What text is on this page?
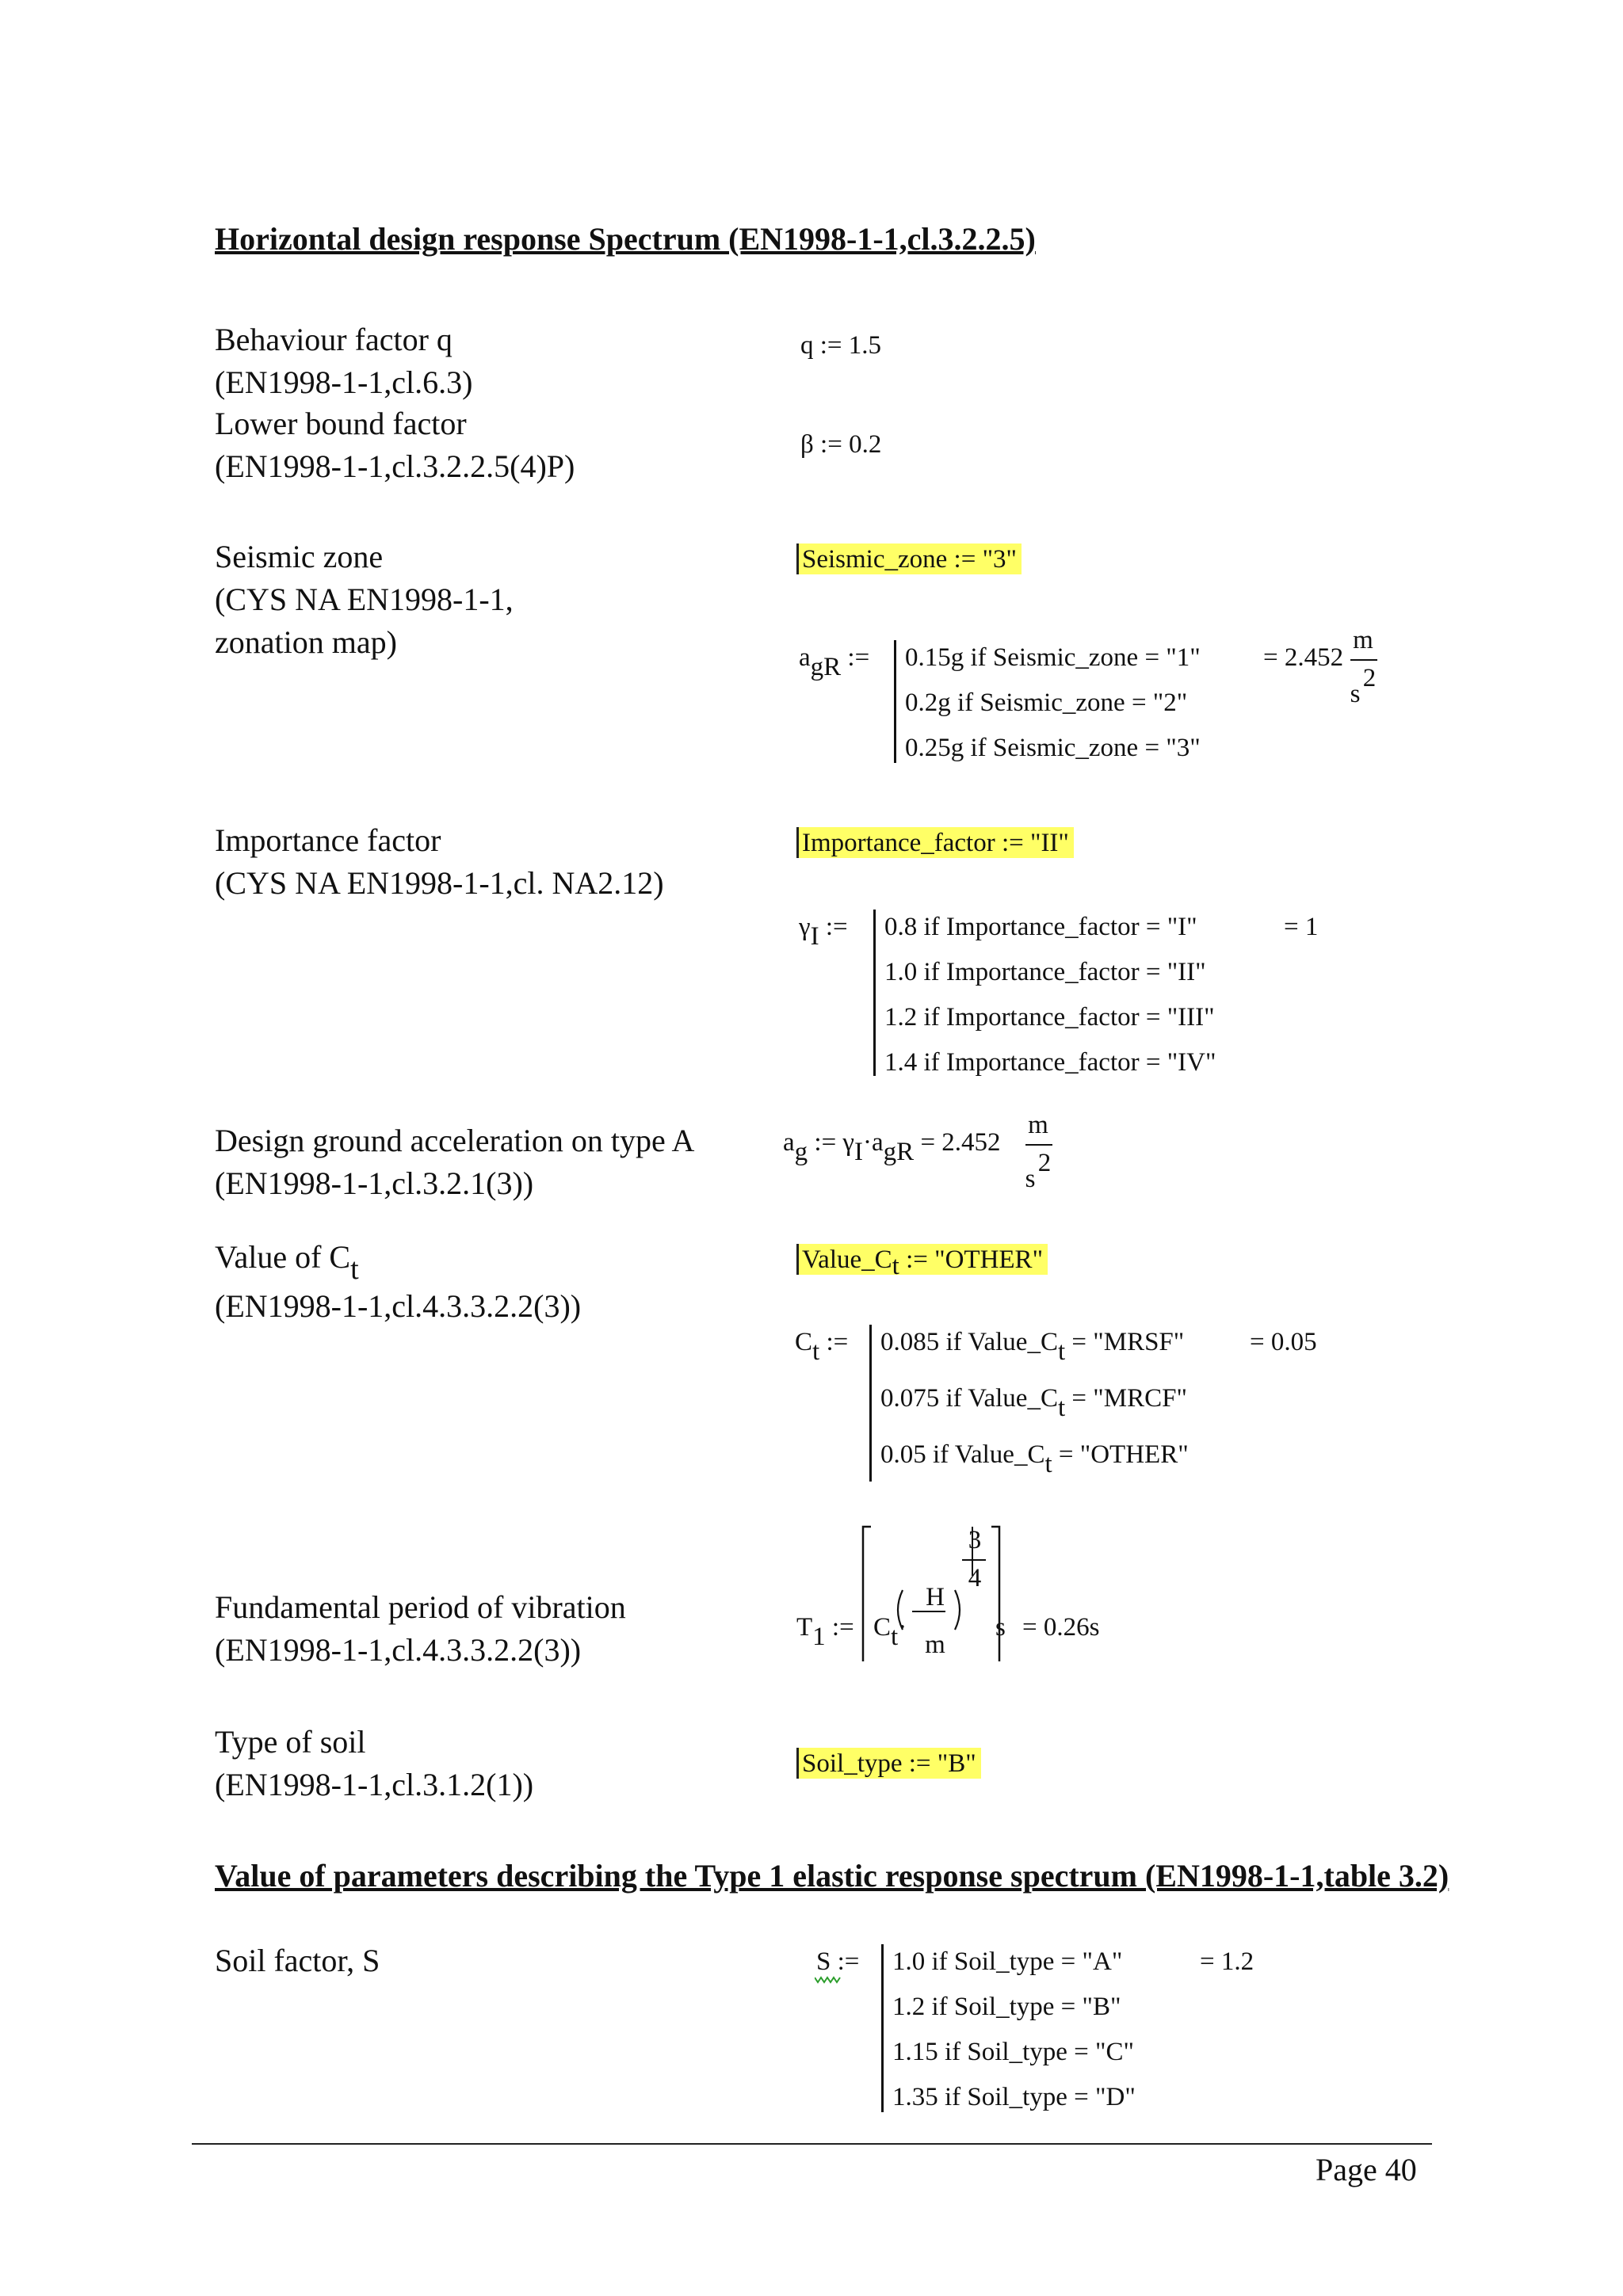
Horizontal design response Spectrum (EN1998-1-1,cl.3.2.2.5)
Behaviour factor q
(EN1998-1-1,cl.6.3)
q := 1.5
Lower bound factor
(EN1998-1-1,cl.3.2.2.5(4)P)
β := 0.2
Seismic zone
(CYS NA EN1998-1-1,
zonation map)
Seismic_zone := "3"
agR := 0.15g if Seismic_zone = "1"
0.2g if Seismic_zone = "2"
0.25g if Seismic_zone = "3"
= 2.452
m
s
2
Importance factor
(CYS NA EN1998-1-1,cl. NA2.12)
Importance_factor := "II"
γI := 0.8 if Importance_factor = "I"
1.0 if Importance_factor = "II"
1.2 if Importance_factor = "III"
1.4 if Importance_factor = "IV"
= 1
Design ground acceleration on type A
(EN1998-1-1,cl.3.2.1(3))
ag := γI·agR = 2.452
m
s
2
Value of Ct
(EN1998-1-1,cl.4.3.3.2.2(3))
Value_Ct := "OTHER"
Ct := 0.085 if Value_Ct = "MRSF"
0.075 if Value_Ct = "MRCF"
0.05 if Value_Ct = "OTHER"
= 0.05
Fundamental period of vibration
(EN1998-1-1,cl.4.3.3.2.2(3))
T1 := Ct·
H
m
3
4
s = 0.26s
Type of soil
(EN1998-1-1,cl.3.1.2(1))
Soil_type := "B"
Value of parameters describing the Type 1 elastic response spectrum (EN1998-1-1,table 3.2)
Soil factor, S	S := 1.0 if Soil_type = "A"
1.2 if Soil_type = "B"
1.15 if Soil_type = "C"
1.35 if Soil_type = "D"
= 1.2
Page 40
